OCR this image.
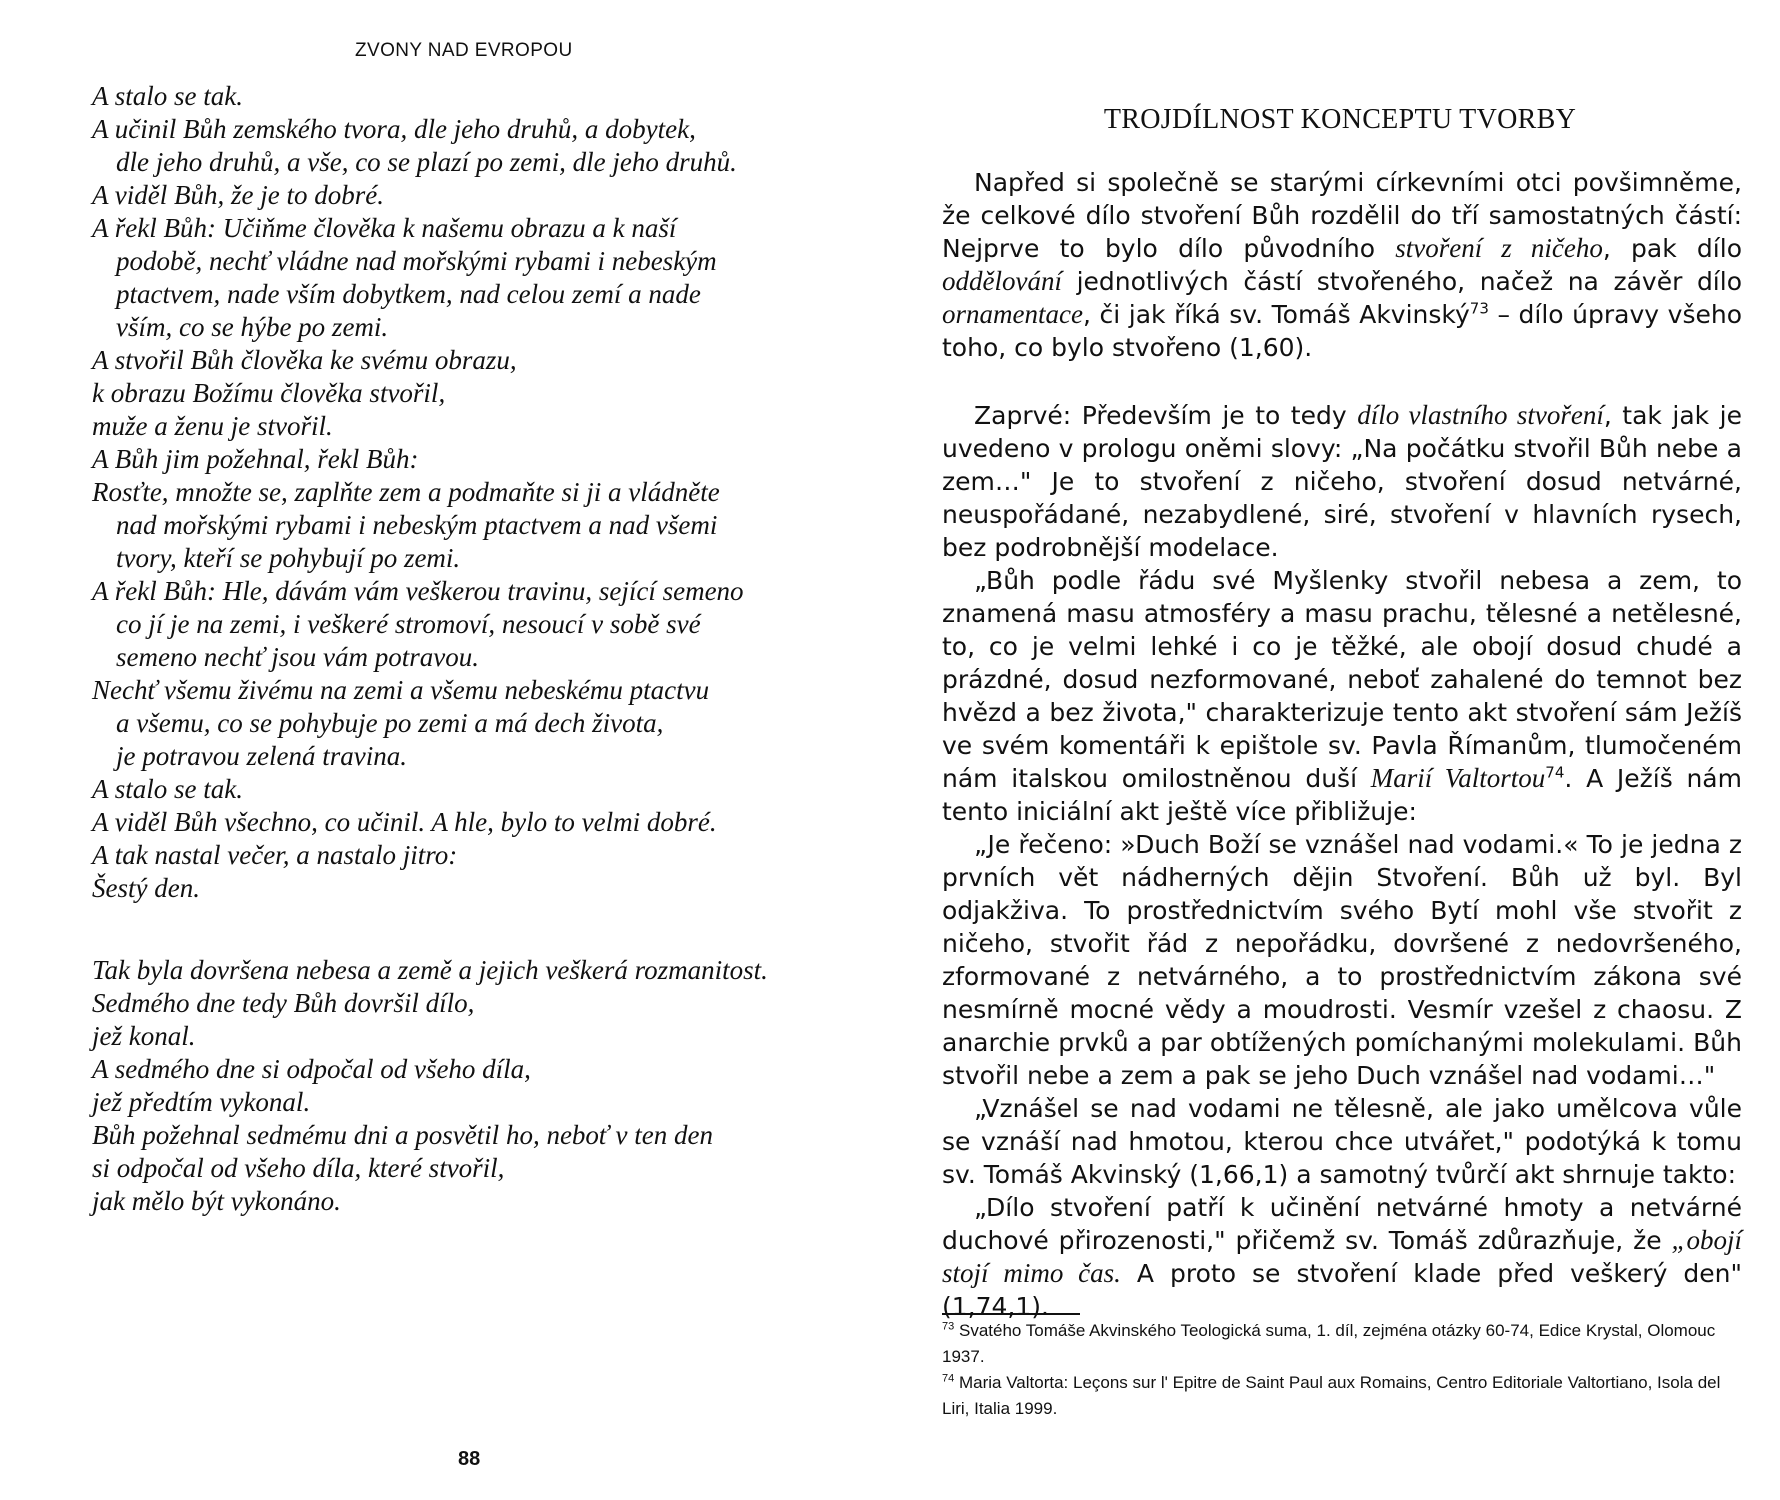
ZVONY NAD EVROPOU
A stalo se tak.
A učinil Bůh zemského tvora, dle jeho druhů, a dobytek,
dle jeho druhů, a vše, co se plazí po zemi, dle jeho druhů.
A viděl Bůh, že je to dobré.
A řekl Bůh: Učiňme člověka k našemu obrazu a k naší
podobě, nechť vládne nad mořskými rybami i nebeským
ptactvem, nade vším dobytkem, nad celou zemí a nade
vším, co se hýbe po zemi.
A stvořil Bůh člověka ke svému obrazu,
k obrazu Božímu člověka stvořil,
muže a ženu je stvořil.
A Bůh jim požehnal, řekl Bůh:
Rosťte, množte se, zaplňte zem a podmaňte si ji a vládněte
nad mořskými rybami i nebeským ptactvem a nad všemi
tvory, kteří se pohybují po zemi.
A řekl Bůh: Hle, dávám vám veškerou travinu, sející semeno
co jí je na zemi, i veškeré stromoví, nesoucí v sobě své
semeno nechť jsou vám potravou.
Nechť všemu živému na zemi a všemu nebeskému ptactvu
a všemu, co se pohybuje po zemi a má dech života,
je potravou zelená travina.
A stalo se tak.
A viděl Bůh všechno, co učinil. A hle, bylo to velmi dobré.
A tak nastal večer, a nastalo jitro:
Šestý den.
Tak byla dovršena nebesa a země a jejich veškerá rozmanitost.
Sedmého dne tedy Bůh dovršil dílo,
jež konal.
A sedmého dne si odpočal od všeho díla,
jež předtím vykonal.
Bůh požehnal sedmému dni a posvětil ho, neboť v ten den
si odpočal od všeho díla, které stvořil,
jak mělo být vykonáno.
88
TROJDÍLNOST KONCEPTU TVORBY

Napřed si společně se starými církevními otci povšimněme, že celkové dílo stvoření Bůh rozdělil do tří samostatných částí: Nejprve to bylo dílo původního stvoření z ničeho, pak dílo oddělování jednotlivých částí stvořeného, načež na závěr dílo ornamentace, či jak říká sv. Tomáš Akvinský$^{73}$ – dílo úpravy všeho toho, co bylo stvořeno (1,60).

Zaprvé: Především je to tedy dílo vlastního stvoření, tak jak je uvedeno v prologu oněmi slovy: „Na počátku stvořil Bůh nebe a zem…" Je to stvoření z ničeho, stvoření dosud netvárné, neuspořádané, nezabydlené, siré, stvoření v hlavních rysech, bez podrobnější modelace.

„Bůh podle řádu své Myšlenky stvořil nebesa a zem, to znamená masu atmosféry a masu prachu, tělesné a netělesné, to, co je velmi lehké i co je těžké, ale obojí dosud chudé a prázdné, dosud nezformované, neboť zahalené do temnot bez hvězd a bez života," charakterizuje tento akt stvoření sám Ježíš ve svém komentáři k epištole sv. Pavla Římanům, tlumočeném nám italskou omilostněnou duší Marií Valtortou$^{74}$. A Ježíš nám tento iniciální akt ještě více přibližuje:

„Je řečeno: »Duch Boží se vznášel nad vodami.« To je jedna z prvních vět nádherných dějin Stvoření. Bůh už byl. Byl odjakživa. To prostřednictvím svého Bytí mohl vše stvořit z ničeho, stvořit řád z nepořádku, dovršené z nedovršeného, zformované z netvárného, a to prostřednictvím zákona své nesmírně mocné vědy a moudrosti. Vesmír vzešel z chaosu. Z anarchie prvků a par obtížených pomíchanými molekulami. Bůh stvořil nebe a zem a pak se jeho Duch vznášel nad vodami…"

„Vznášel se nad vodami ne tělesně, ale jako umělcova vůle se vznáší nad hmotou, kterou chce utvářet," podotýká k tomu sv. Tomáš Akvinský (1,66,1) a samotný tvůrčí akt shrnuje takto:

„Dílo stvoření patří k učinění netvárné hmoty a netvárné duchové přirozenosti," přičemž sv. Tomáš zdůrazňuje, že „obojí stojí mimo čas. A proto se stvoření klade před veškerý den" (1,74,1).

$^{73}$ Svatého Tomáše Akvinského Teologická suma, 1. díl, zejména otázky 60-74, Edice Krystal, Olomouc 1937.

$^{74}$ Maria Valtorta: Leçons sur l' Epitre de Saint Paul aux Romains, Centro Editoriale Valtortiano, Isola del Liri, Italia 1999.
